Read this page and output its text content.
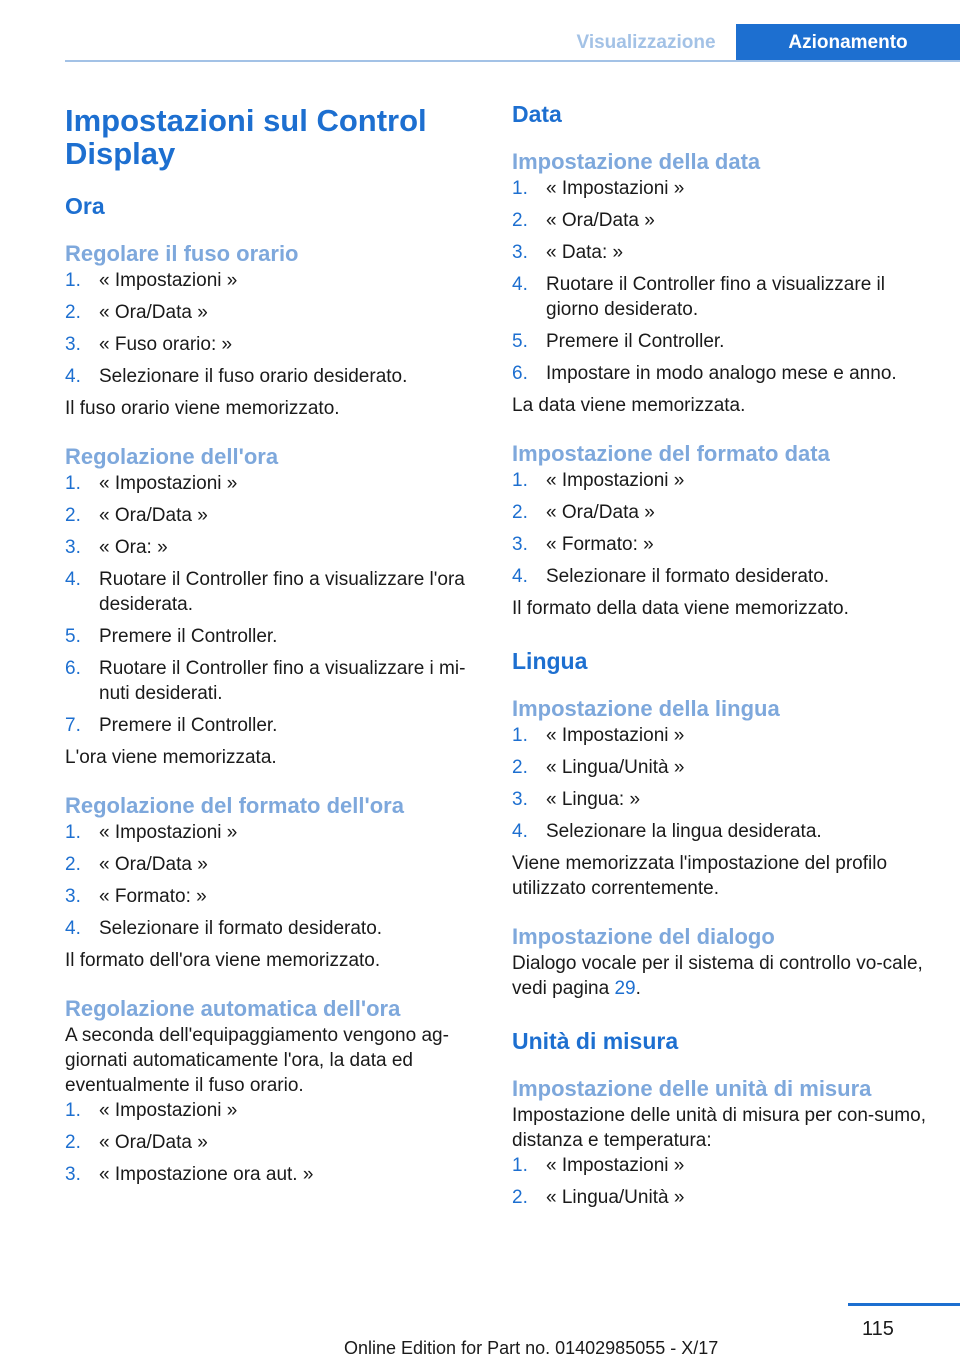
Visualizzazione	Azionamento
Impostazioni sul Control Display
Ora
Regolare il fuso orario
1. « Impostazioni »
2. « Ora/Data »
3. « Fuso orario: »
4. Selezionare il fuso orario desiderato.

Il fuso orario viene memorizzato.

Regolazione dell'ora
1. « Impostazioni »
2. « Ora/Data »
3. « Ora: »
4. Ruotare il Controller fino a visualizzare l'ora desiderata.
5. Premere il Controller.
6. Ruotare il Controller fino a visualizzare i mi‐nuti desiderati.
7. Premere il Controller.

L'ora viene memorizzata.

Regolazione del formato dell'ora
1. « Impostazioni »
2. « Ora/Data »
3. « Formato: »
4. Selezionare il formato desiderato.

Il formato dell'ora viene memorizzato.

Regolazione automatica dell'ora

A seconda dell'equipaggiamento vengono ag‐giornati automaticamente l'ora, la data ed eventualmente il fuso orario.

1. « Impostazioni »
2. « Ora/Data »
3. « Impostazione ora aut. »
Data
Impostazione della data
1. « Impostazioni »
2. « Ora/Data »
3. « Data: »
4. Ruotare il Controller fino a visualizzare il giorno desiderato.
5. Premere il Controller.
6. Impostare in modo analogo mese e anno.

La data viene memorizzata.

Impostazione del formato data
1. « Impostazioni »
2. « Ora/Data »
3. « Formato: »
4. Selezionare il formato desiderato.

Il formato della data viene memorizzato.

Lingua
Impostazione della lingua
1. « Impostazioni »
2. « Lingua/Unità »
3. « Lingua: »
4. Selezionare la lingua desiderata.

Viene memorizzata l'impostazione del profilo utilizzato correntemente.

Impostazione del dialogo

Dialogo vocale per il sistema di controllo vo‐cale, vedi pagina 29.

Unità di misura
Impostazione delle unità di misura

Impostazione delle unità di misura per con‐sumo, distanza e temperatura:

1. « Impostazioni »
2. « Lingua/Unità »
115
Online Edition for Part no. 01402985055 - X/17
